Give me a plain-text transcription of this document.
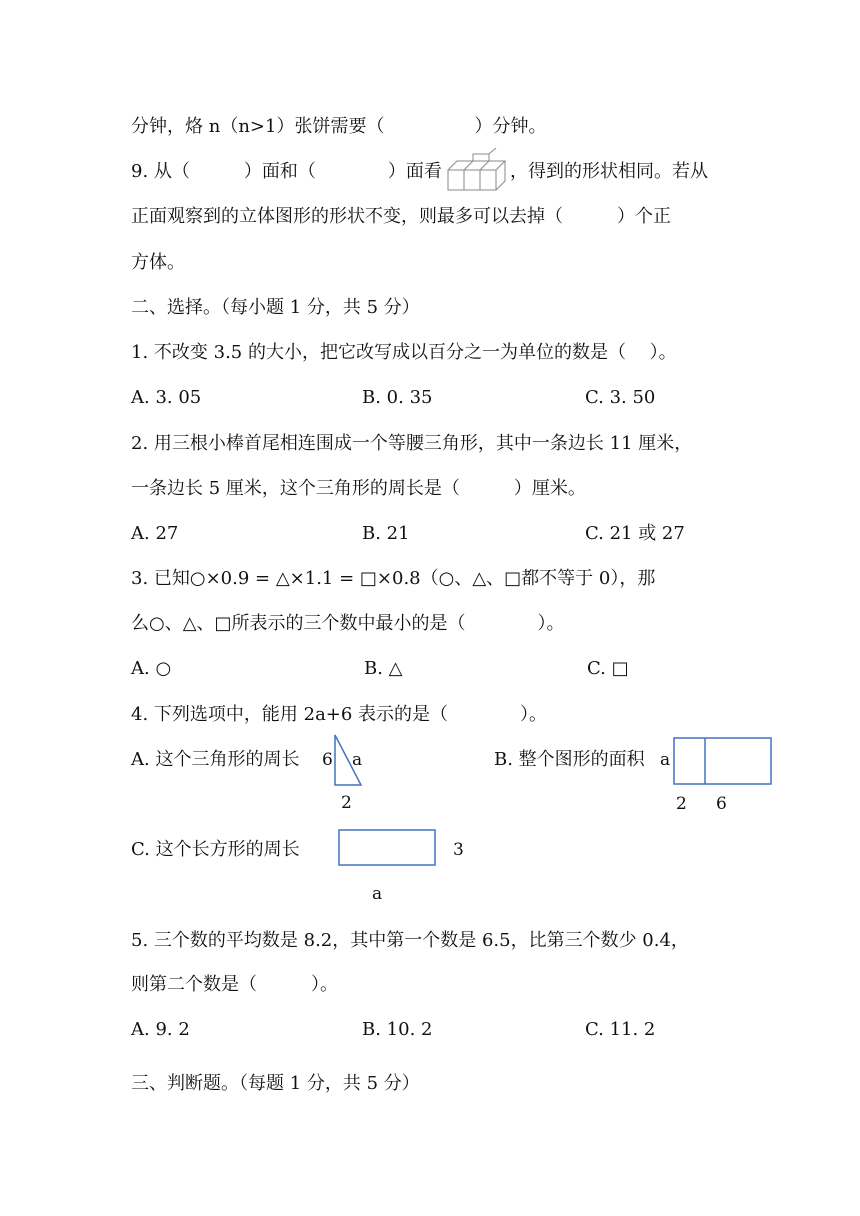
分钟，烙 n（n>1）张饼需要（　　　　　）分钟。
9. 从（　　　）面和（　　　　）面看	，得到的形状相同。若从
正面观察到的立体图形的形状不变，则最多可以去掉（　　　）个正
方体。
二、选择。（每小题 1 分，共 5 分）
1. 不改变 3.5 的大小，把它改写成以百分之一为单位的数是（　 ）。
A. 3. 05	B. 0. 35	C. 3. 50
2. 用三根小棒首尾相连围成一个等腰三角形，其中一条边长 11 厘米，
一条边长 5 厘米，这个三角形的周长是（　　　）厘米。
A. 27	B. 21	C. 21 或 27
3. 已知○×0.9 = △×1.1 = □×0.8（○、△、□都不等于 0），那
么○、△、□所表示的三个数中最小的是（　　　　）。
A. ○	B. △	C. □
4. 下列选项中，能用 2a+6 表示的是（　　　　）。
A. 这个三角形的周长 6 a
2
B. 整个图形的面积 a
2 6
C. 这个长方形的周长	3
a
5. 三个数的平均数是 8.2，其中第一个数是 6.5，比第三个数少 0.4，
则第二个数是（　　　）。
A. 9. 2	B. 10. 2	C. 11. 2
三、判断题。（每题 1 分，共 5 分）
